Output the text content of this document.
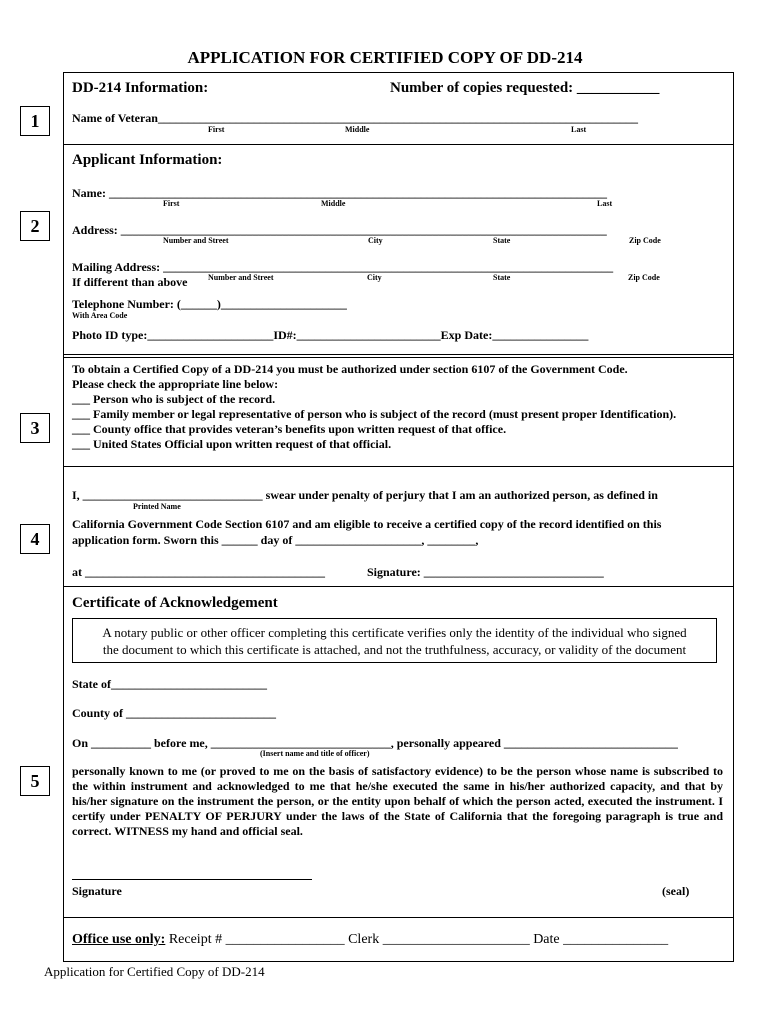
APPLICATION FOR CERTIFIED COPY OF DD-214
1
2
3
4
5
DD-214 Information:	Number of copies requested: ___________
Name of Veteran________________________________________________________________________________
First	Middle	Last
Applicant Information:
Name: ___________________________________________________________________________________
First	Middle	Last
Address: _________________________________________________________________________________
Number and Street	City	State	Zip Code
Mailing Address: ___________________________________________________________________________
If different than above	Number and Street	City	State	Zip Code
Telephone Number: (______)_____________________
With Area Code
Photo ID type:_____________________ID#:________________________Exp Date:________________
To obtain a Certified Copy of a DD-214 you must be authorized under section 6107 of the Government Code.
Please check the appropriate line below:
___ Person who is subject of the record.
___ Family member or legal representative of person who is subject of the record (must present proper Identification).
___ County office that provides veteran’s benefits upon written request of that office.
___ United States Official upon written request of that official.
I, ______________________________ swear under penalty of perjury that I am an authorized person, as defined in
Printed Name
California Government Code Section 6107 and am eligible to receive a certified copy of the record identified on this
application form. Sworn this ______ day of _____________________, ________,
at ________________________________________	Signature: ______________________________
Certificate of Acknowledgement
A notary public or other officer completing this certificate verifies only the identity of the individual who signed
the document to which this certificate is attached, and not the truthfulness, accuracy, or validity of the document
State of__________________________
County of _________________________
On __________ before me, ______________________________, personally appeared _____________________________
(Insert name and title of officer)
personally known to me (or proved to me on the basis of satisfactory evidence) to be the person whose name is subscribed to the within instrument and acknowledged to me that he/she executed the same in his/her authorized capacity, and that by his/her signature on the instrument the person, or the entity upon behalf of which the person acted, executed the instrument. I certify under PENALTY OF PERJURY under the laws of the State of California that the foregoing paragraph is true and correct. WITNESS my hand and official seal.
Signature	(seal)
Office use only: Receipt # _________________ Clerk _____________________ Date _______________
Application for Certified Copy of DD-214
